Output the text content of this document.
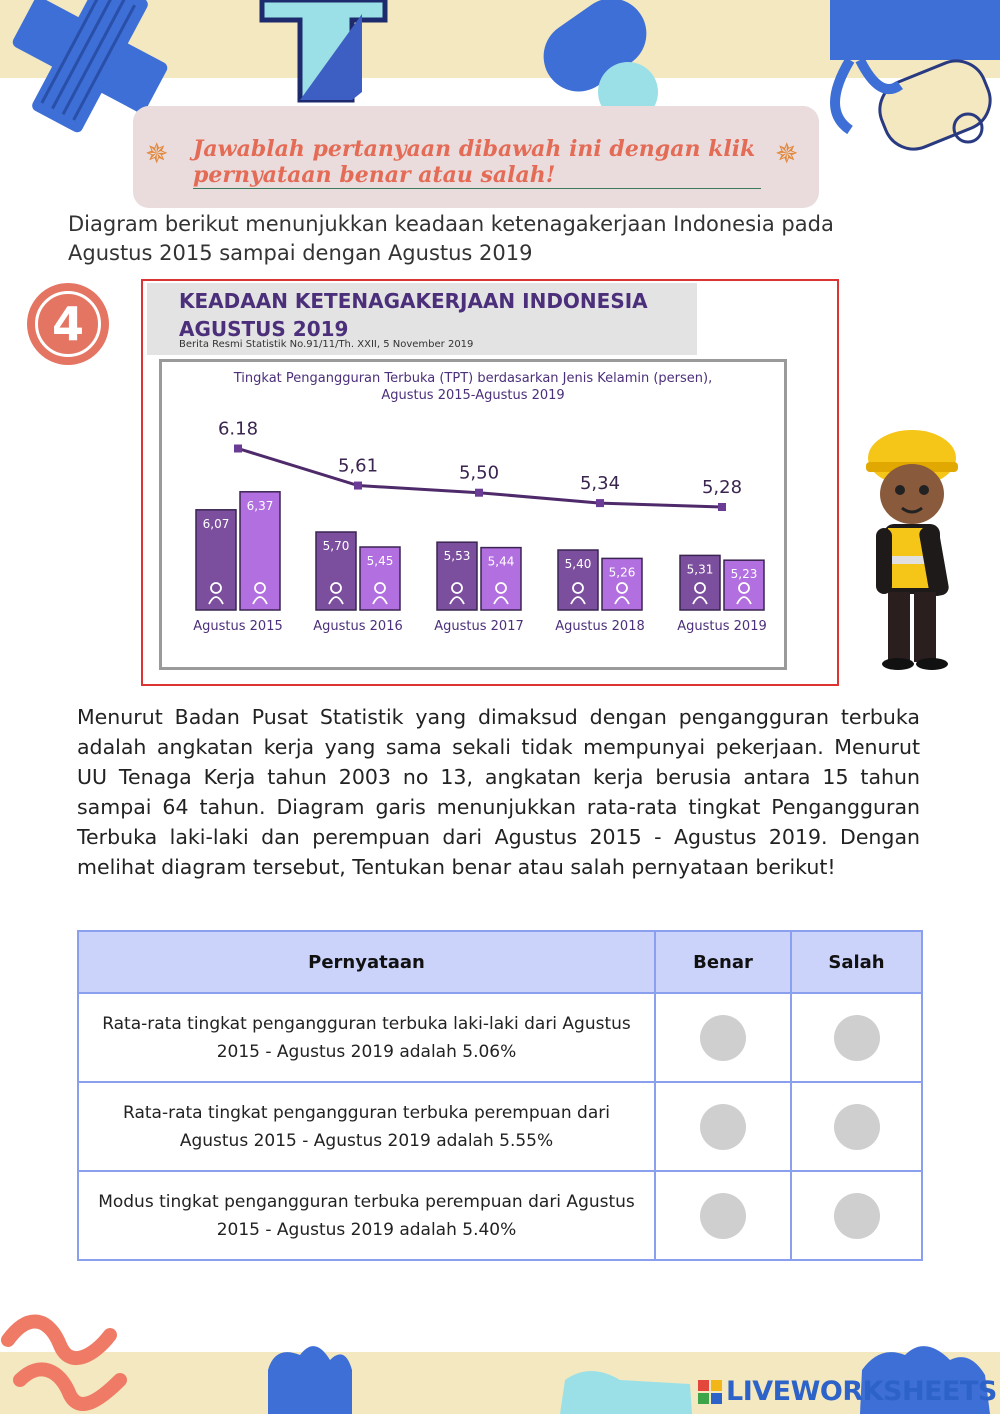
✵ Jawablah pertanyaan dibawah ini dengan klik pernyataan benar atau salah!
✵
Diagram berikut menunjukkan keadaan ketenagakerjaan Indonesia pada Agustus 2015 sampai dengan Agustus 2019
4	KEADAAN KETENAGAKERJAAN INDONESIA
AGUSTUS 2019
Berita Resmi Statistik No.91/11/Th. XXII, 5 November 2019
Tingkat Pengangguran Terbuka (TPT) berdasarkan Jenis Kelamin (persen),
Agustus 2015-Agustus 2019
6,07
6,37
Agustus 2015
5,70
5,45
Agustus 2016
5,53 5,44
Agustus 2017
5,40
5,26
Agustus 2018
5,31 5,23
Agustus 2019
6.18
5,61	5,50	5,34	5,28
Menurut Badan Pusat Statistik yang dimaksud dengan pengangguran terbuka adalah angkatan kerja yang sama sekali tidak mempunyai pekerjaan. Menurut UU Tenaga Kerja tahun 2003 no 13, angkatan kerja berusia antara 15 tahun sampai 64 tahun. Diagram garis menunjukkan rata-rata tingkat Pengangguran Terbuka laki-laki dan perempuan dari Agustus 2015 - Agustus 2019. Dengan melihat diagram tersebut, Tentukan benar atau salah pernyataan berikut!
Pernyataan	Benar	Salah
Rata-rata tingkat pengangguran terbuka laki-laki dari Agustus 2015 - Agustus 2019 adalah 5.06%		
Rata-rata tingkat pengangguran terbuka perempuan dari Agustus 2015 - Agustus 2019 adalah 5.55%		
Modus tingkat pengangguran terbuka perempuan dari Agustus 2015 - Agustus 2019 adalah 5.40%		
LIVEWORKSHEETS
